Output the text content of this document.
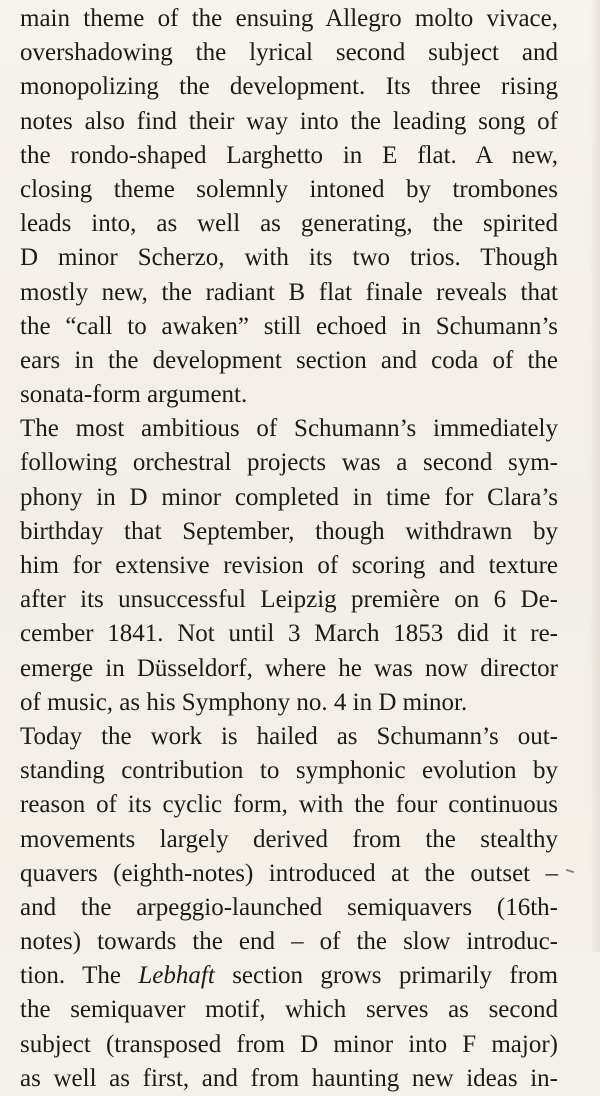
main theme of the ensuing Allegro molto vivace,
overshadowing the lyrical second subject and
monopolizing the development. Its three rising
notes also find their way into the leading song of
the rondo-shaped Larghetto in E flat. A new,
closing theme solemnly intoned by trombones
leads into, as well as generating, the spirited
D minor Scherzo, with its two trios. Though
mostly new, the radiant B flat finale reveals that
the “call to awaken” still echoed in Schumann’s
ears in the development section and coda of the
sonata-form argument.
The most ambitious of Schumann’s immediately
following orchestral projects was a second sym-
phony in D minor completed in time for Clara’s
birthday that September, though withdrawn by
him for extensive revision of scoring and texture
after its unsuccessful Leipzig première on 6 De-
cember 1841. Not until 3 March 1853 did it re-
emerge in Düsseldorf, where he was now director
of music, as his Symphony no. 4 in D minor.
Today the work is hailed as Schumann’s out-
standing contribution to symphonic evolution by
reason of its cyclic form, with the four continuous
movements largely derived from the stealthy
quavers (eighth-notes) introduced at the outset –
and the arpeggio-launched semiquavers (16th-
notes) towards the end – of the slow introduc-
tion. The Lebhaft section grows primarily from
the semiquaver motif, which serves as second
subject (transposed from D minor into F major)
as well as first, and from haunting new ideas in-
